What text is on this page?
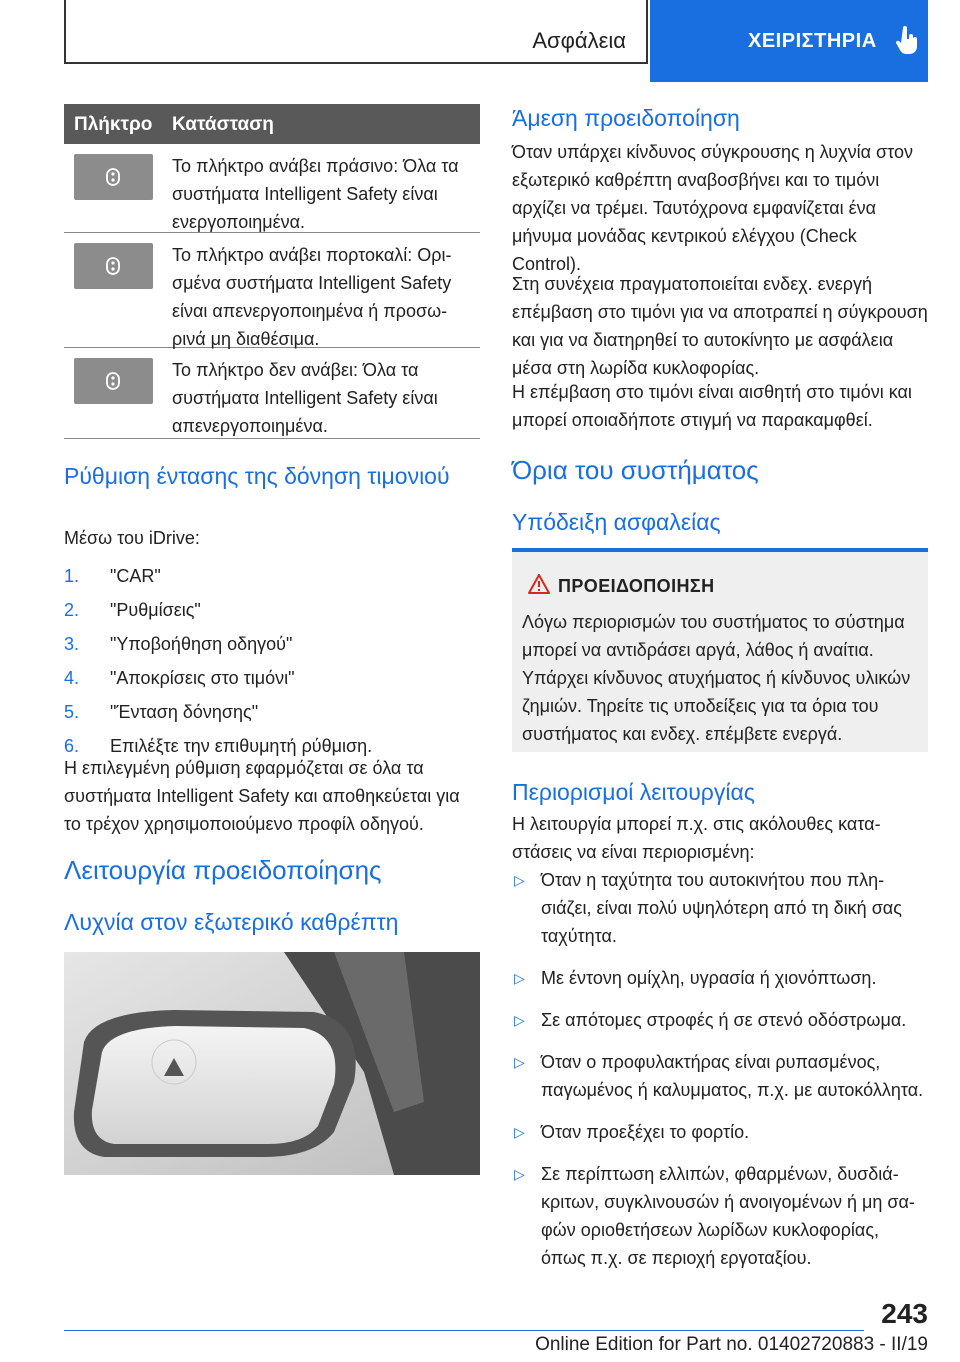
Ασφάλεια	ΧΕΙΡΙΣΤΗΡΙΑ
Πλήκτρο Κατάσταση
Το πλήκτρο ανάβει πράσινο: Όλα τα συστήματα Intelligent Safety είναι ενεργοποιημένα.
Το πλήκτρο ανάβει πορτοκαλί: Ορισμένα συστήματα Intelligent Safety είναι απενεργοποιημένα ή προσωρινά μη διαθέσιμα.
Το πλήκτρο δεν ανάβει: Όλα τα συστήματα Intelligent Safety είναι απενεργοποιημένα.
Ρύθμιση έντασης της δόνηση τιμονιού
Μέσω του iDrive:
1. "CAR"
2. "Ρυθμίσεις"
3. "Υποβοήθηση οδηγού"
4. "Αποκρίσεις στο τιμόνι"
5. "Ένταση δόνησης"
6. Επιλέξτε την επιθυμητή ρύθμιση.
Η επιλεγμένη ρύθμιση εφαρμόζεται σε όλα τα συστήματα Intelligent Safety και αποθηκεύεται για το τρέχον χρησιμοποιούμενο προφίλ οδηγού.
Λειτουργία προειδοποίησης
Λυχνία στον εξωτερικό καθρέπτη
Άμεση προειδοποίηση
Όταν υπάρχει κίνδυνος σύγκρουσης η λυχνία στον εξωτερικό καθρέπτη αναβοσβήνει και το τιμόνι αρχίζει να τρέμει. Ταυτόχρονα εμφανίζεται ένα μήνυμα μονάδας κεντρικού ελέγχου (Check Control).
Στη συνέχεια πραγματοποιείται ενδεχ. ενεργή επέμβαση στο τιμόνι για να αποτραπεί η σύγκρουση και για να διατηρηθεί το αυτοκίνητο με ασφάλεια μέσα στη λωρίδα κυκλοφορίας.
Η επέμβαση στο τιμόνι είναι αισθητή στο τιμόνι και μπορεί οποιαδήποτε στιγμή να παρακαμφθεί.
Όρια του συστήματος
Υπόδειξη ασφαλείας
ΠΡΟΕΙΔΟΠΟΙΗΣΗ
Λόγω περιορισμών του συστήματος το σύστημα μπορεί να αντιδράσει αργά, λάθος ή αναίτια. Υπάρχει κίνδυνος ατυχήματος ή κίνδυνος υλικών ζημιών. Τηρείτε τις υποδείξεις για τα όρια του συστήματος και ενδεχ. επέμβετε ενεργά.
Περιορισμοί λειτουργίας
Η λειτουργία μπορεί π.χ. στις ακόλουθες καταστάσεις να είναι περιορισμένη:
▷ Όταν η ταχύτητα του αυτοκινήτου που πλησιάζει, είναι πολύ υψηλότερη από τη δική σας ταχύτητα.
▷ Με έντονη ομίχλη, υγρασία ή χιονόπτωση.
▷ Σε απότομες στροφές ή σε στενό οδόστρωμα.
▷ Όταν ο προφυλακτήρας είναι ρυπασμένος, παγωμένος ή καλυμματος, π.χ. με αυτοκόλλητα.
▷ Όταν προεξέχει το φορτίο.
▷ Σε περίπτωση ελλιπών, φθαρμένων, δυσδιάκριτων, συγκλινουσών ή ανοιγομένων ή μη σαφών οριοθετήσεων λωρίδων κυκλοφορίας, όπως π.χ. σε περιοχή εργοταξίου.
243
Online Edition for Part no. 01402720883 - II/19
